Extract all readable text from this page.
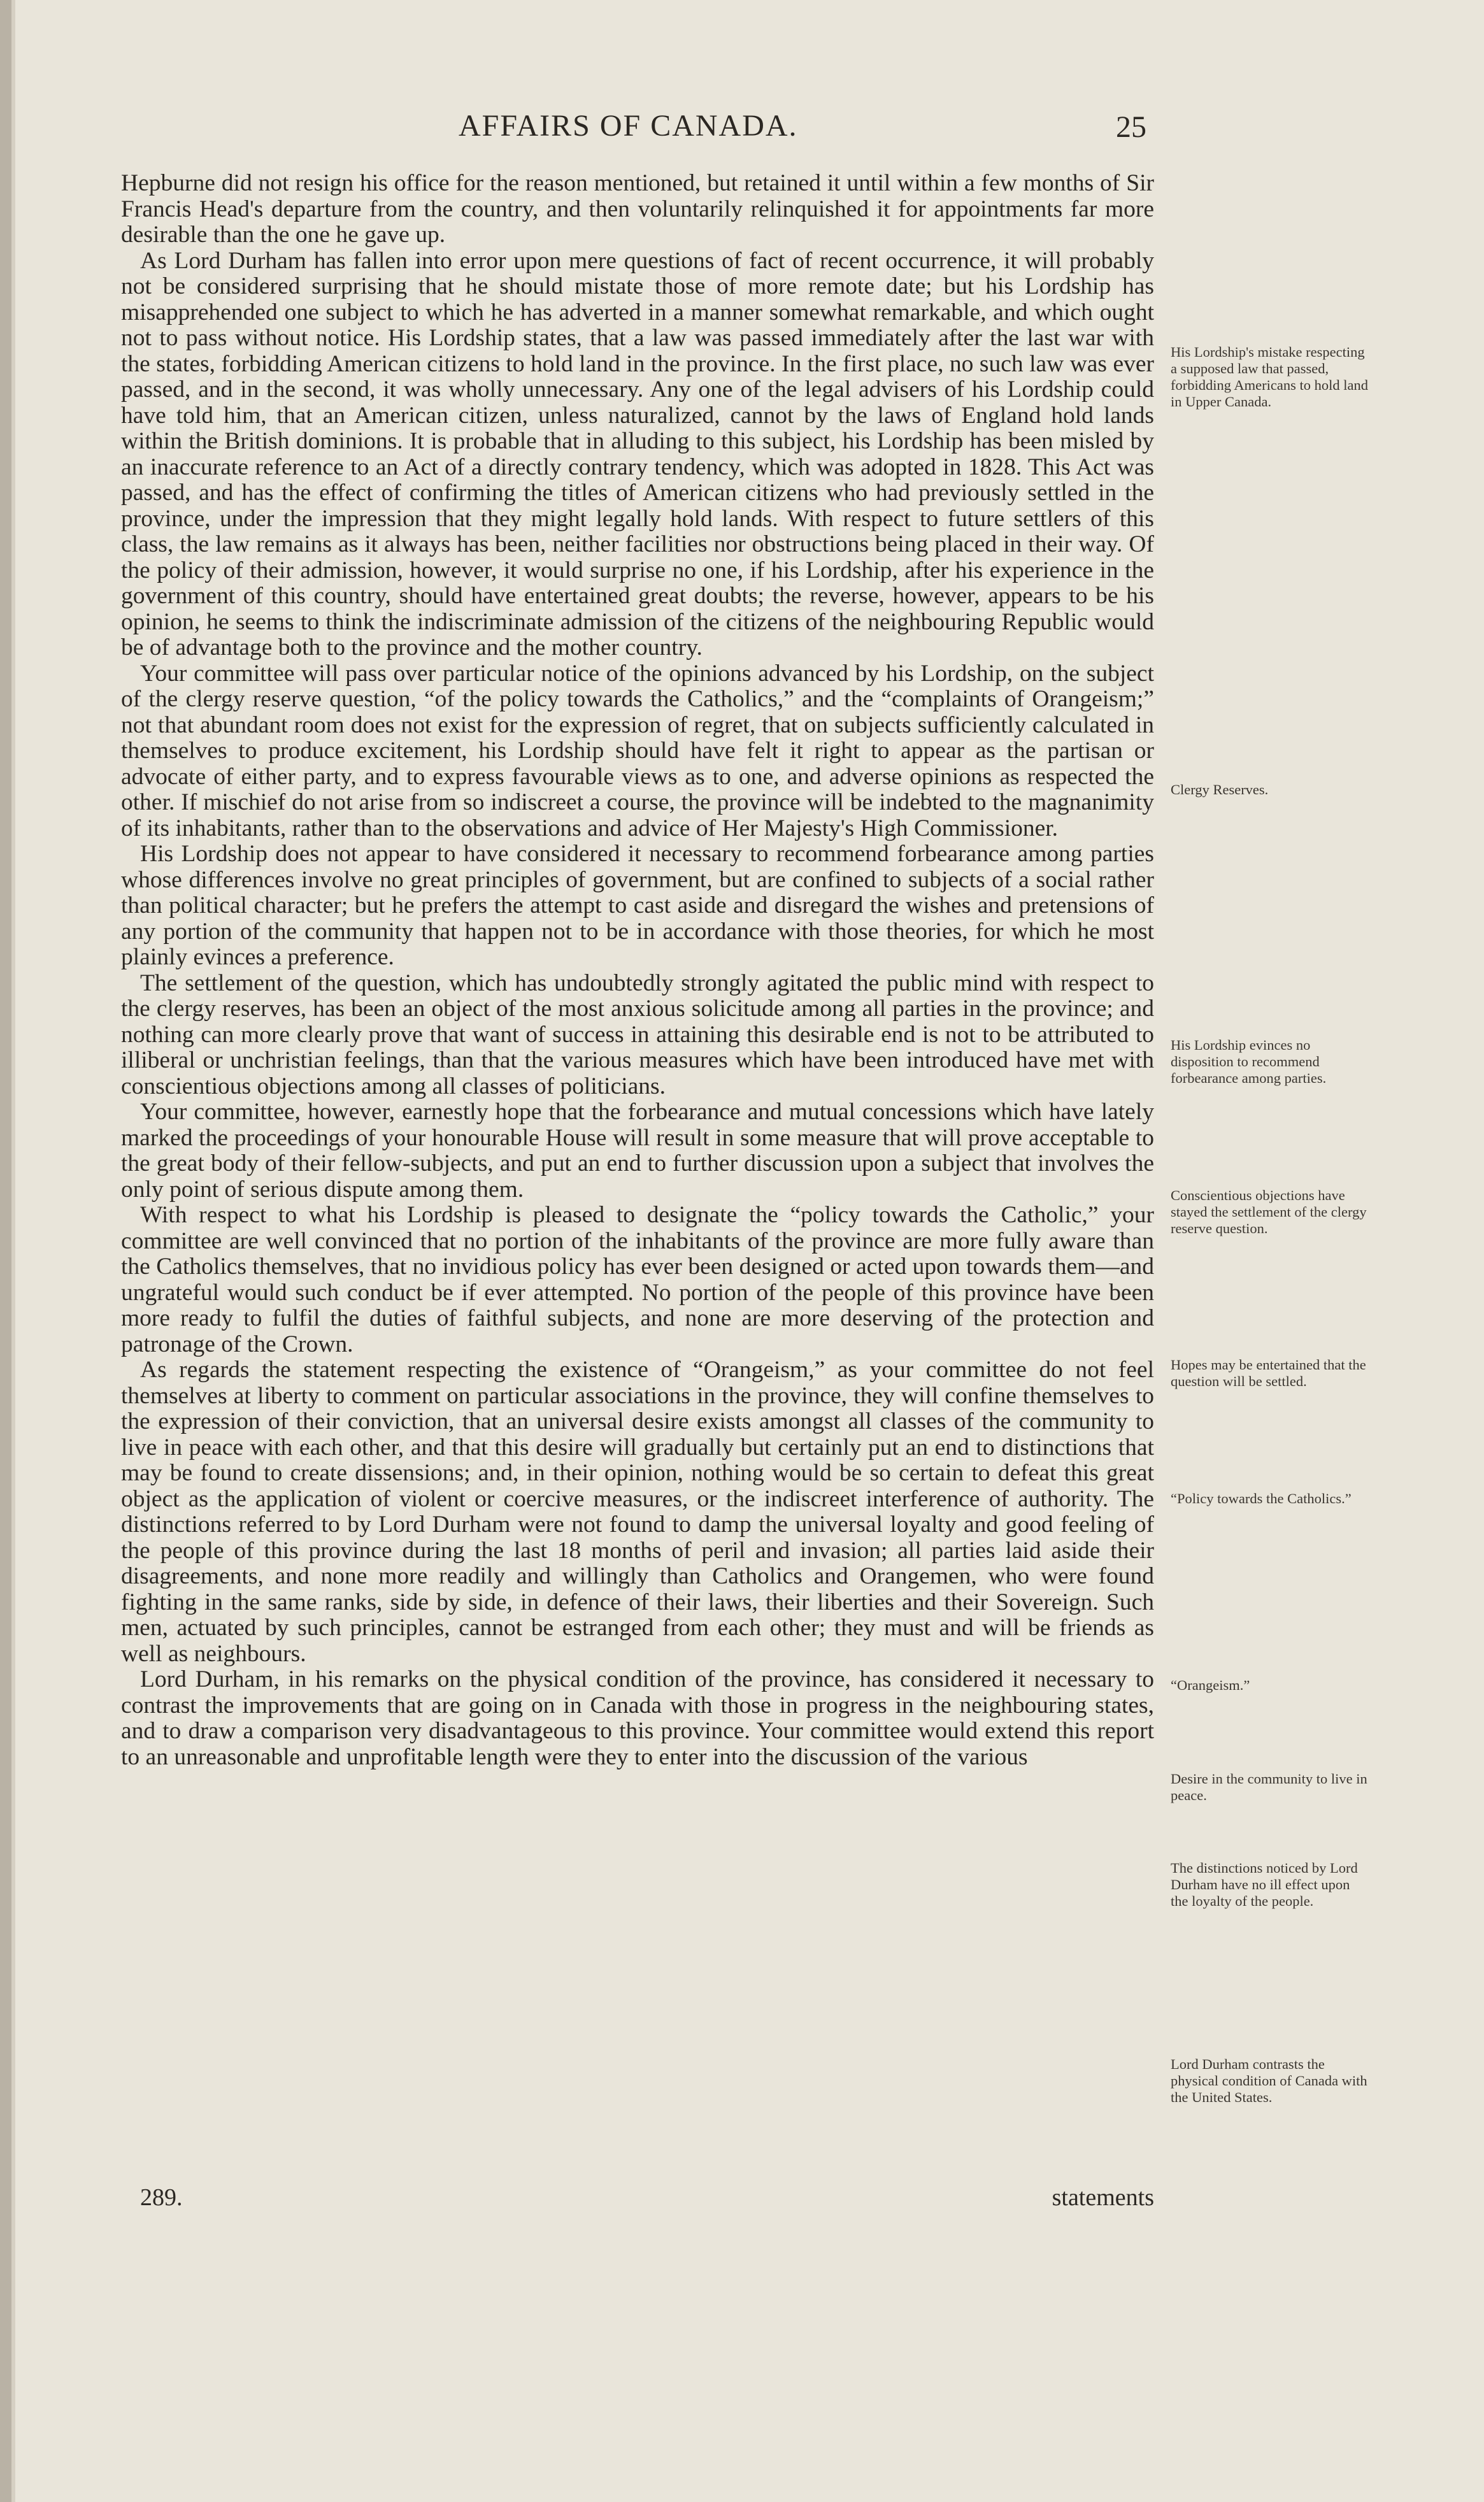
AFFAIRS OF CANADA.	25

Hepburne did not resign his office for the reason mentioned, but retained it until within a few months of Sir Francis Head's departure from the country, and then voluntarily relinquished it for appointments far more desirable than the one he gave up.

As Lord Durham has fallen into error upon mere questions of fact of recent occurrence, it will probably not be considered surprising that he should mistate those of more remote date; but his Lordship has misapprehended one subject to which he has adverted in a manner somewhat remarkable, and which ought not to pass without notice. His Lordship states, that a law was passed immediately after the last war with the states, forbidding American citizens to hold land in the province. In the first place, no such law was ever passed, and in the second, it was wholly unnecessary. Any one of the legal advisers of his Lordship could have told him, that an American citizen, unless naturalized, cannot by the laws of England hold lands within the British dominions. It is probable that in alluding to this subject, his Lordship has been misled by an inaccurate reference to an Act of a directly contrary tendency, which was adopted in 1828. This Act was passed, and has the effect of confirming the titles of American citizens who had previously settled in the province, under the impression that they might legally hold lands. With respect to future settlers of this class, the law remains as it always has been, neither facilities nor obstructions being placed in their way. Of the policy of their admission, however, it would surprise no one, if his Lordship, after his experience in the government of this country, should have entertained great doubts; the reverse, however, appears to be his opinion, he seems to think the indiscriminate admission of the citizens of the neighbouring Republic would be of advantage both to the province and the mother country.

Your committee will pass over particular notice of the opinions advanced by his Lordship, on the subject of the clergy reserve question, “of the policy towards the Catholics,” and the “complaints of Orangeism;” not that abundant room does not exist for the expression of regret, that on subjects sufficiently calculated in themselves to produce excitement, his Lordship should have felt it right to appear as the partisan or advocate of either party, and to express favourable views as to one, and adverse opinions as respected the other. If mischief do not arise from so indiscreet a course, the province will be indebted to the magnanimity of its inhabitants, rather than to the observations and advice of Her Majesty's High Commissioner.

His Lordship does not appear to have considered it necessary to recommend forbearance among parties whose differences involve no great principles of government, but are confined to subjects of a social rather than political character; but he prefers the attempt to cast aside and disregard the wishes and pretensions of any portion of the community that happen not to be in accordance with those theories, for which he most plainly evinces a preference.

The settlement of the question, which has undoubtedly strongly agitated the public mind with respect to the clergy reserves, has been an object of the most anxious solicitude among all parties in the province; and nothing can more clearly prove that want of success in attaining this desirable end is not to be attributed to illiberal or unchristian feelings, than that the various measures which have been introduced have met with conscientious objections among all classes of politicians.

Your committee, however, earnestly hope that the forbearance and mutual concessions which have lately marked the proceedings of your honourable House will result in some measure that will prove acceptable to the great body of their fellow-subjects, and put an end to further discussion upon a subject that involves the only point of serious dispute among them.

With respect to what his Lordship is pleased to designate the “policy towards the Catholic,” your committee are well convinced that no portion of the inhabitants of the province are more fully aware than the Catholics themselves, that no invidious policy has ever been designed or acted upon towards them—and ungrateful would such conduct be if ever attempted. No portion of the people of this province have been more ready to fulfil the duties of faithful subjects, and none are more deserving of the protection and patronage of the Crown.

As regards the statement respecting the existence of “Orangeism,” as your committee do not feel themselves at liberty to comment on particular associations in the province, they will confine themselves to the expression of their conviction, that an universal desire exists amongst all classes of the community to live in peace with each other, and that this desire will gradually but certainly put an end to distinctions that may be found to create dissensions; and, in their opinion, nothing would be so certain to defeat this great object as the application of violent or coercive measures, or the indiscreet interference of authority. The distinctions referred to by Lord Durham were not found to damp the universal loyalty and good feeling of the people of this province during the last 18 months of peril and invasion; all parties laid aside their disagreements, and none more readily and willingly than Catholics and Orangemen, who were found fighting in the same ranks, side by side, in defence of their laws, their liberties and their Sovereign. Such men, actuated by such principles, cannot be estranged from each other; they must and will be friends as well as neighbours.

Lord Durham, in his remarks on the physical condition of the province, has considered it necessary to contrast the improvements that are going on in Canada with those in progress in the neighbouring states, and to draw a comparison very disadvantageous to this province. Your committee would extend this report to an unreasonable and unprofitable length were they to enter into the discussion of the various

His Lordship's mistake respecting a supposed law that passed, forbidding Americans to hold land in Upper Canada.
Clergy Reserves.
His Lordship evinces no disposition to recommend forbearance among parties.
Conscientious objections have stayed the settlement of the clergy reserve question.
Hopes may be entertained that the question will be settled.
“Policy towards the Catholics.”
“Orangeism.”
Desire in the community to live in peace.
The distinctions noticed by Lord Durham have no ill effect upon the loyalty of the people.
Lord Durham contrasts the physical condition of Canada with the United States.
289.	statements
